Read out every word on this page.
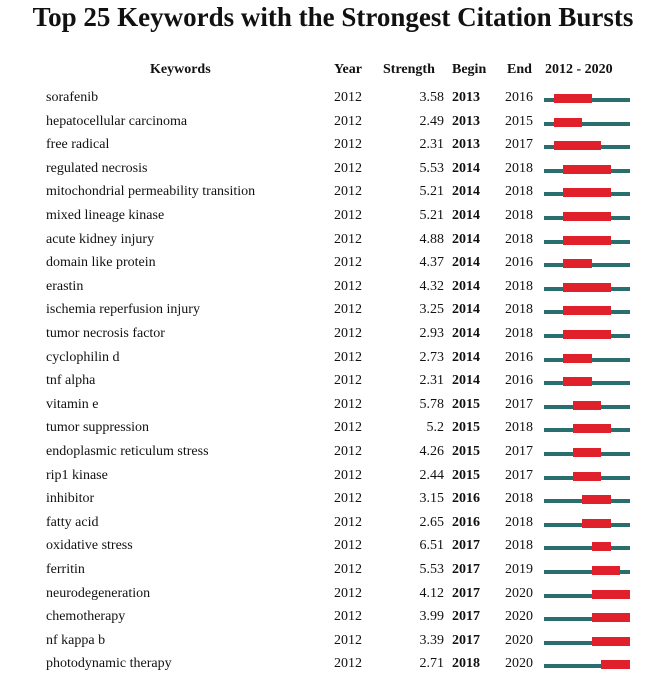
Top 25 Keywords with the Strongest Citation Bursts
Keywords	Year Strength Begin End 2012 - 2020
sorafenib	2012	3.58 2013 2016
hepatocellular carcinoma	2012	2.49 2013 2015
free radical	2012	2.31 2013 2017
regulated necrosis	2012	5.53 2014 2018
mitochondrial permeability transition	2012	5.21 2014 2018
mixed lineage kinase	2012	5.21 2014 2018
acute kidney injury	2012	4.88 2014 2018
domain like protein	2012	4.37 2014 2016
erastin	2012	4.32 2014 2018
ischemia reperfusion injury	2012	3.25 2014 2018
tumor necrosis factor	2012	2.93 2014 2018
cyclophilin d	2012	2.73 2014 2016
tnf alpha	2012	2.31 2014 2016
vitamin e	2012	5.78 2015 2017
tumor suppression	2012	5.2 2015 2018
endoplasmic reticulum stress	2012	4.26 2015 2017
rip1 kinase	2012	2.44 2015 2017
inhibitor	2012	3.15 2016 2018
fatty acid	2012	2.65 2016 2018
oxidative stress	2012	6.51 2017 2018
ferritin	2012	5.53 2017 2019
neurodegeneration	2012	4.12 2017 2020
chemotherapy	2012	3.99 2017 2020
nf kappa b	2012	3.39 2017 2020
photodynamic therapy	2012	2.71 2018 2020
